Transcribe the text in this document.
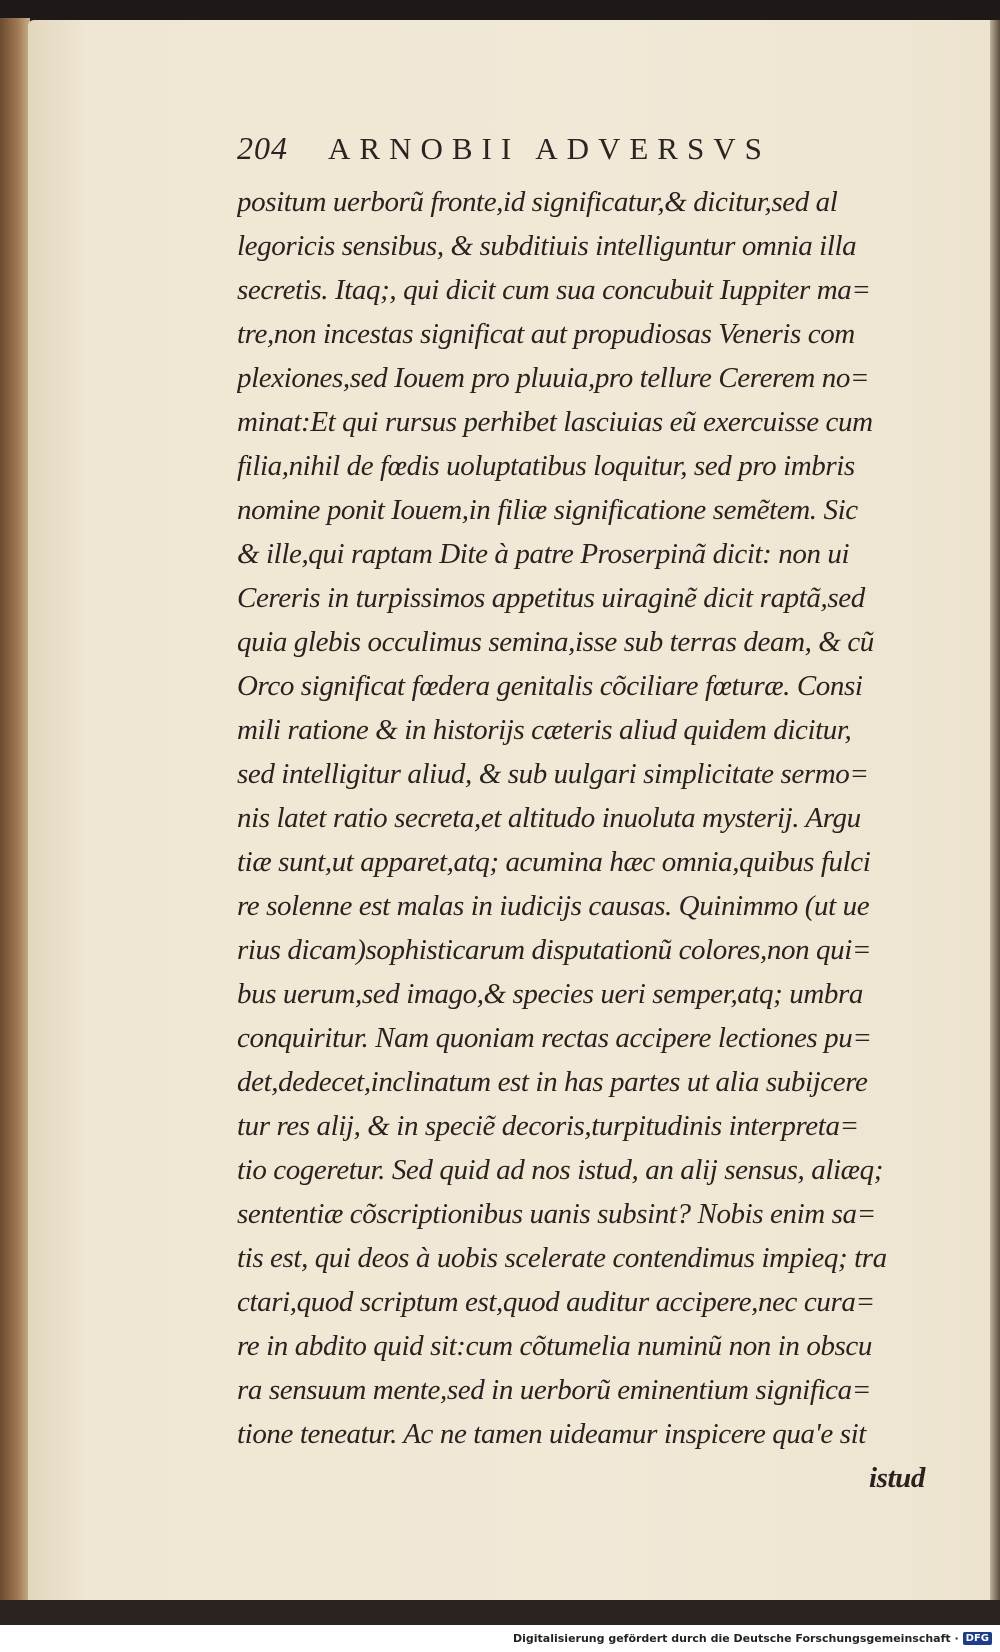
204 ARNOBII ADVERSVS
positum uerborũ fronte,id significatur,& dicitur,sed al
legoricis sensibus, & subditiuis intelliguntur omnia illa
secretis. Itaq;, qui dicit cum sua concubuit Iuppiter ma=
tre,non incestas significat aut propudiosas Veneris com
plexiones,sed Iouem pro pluuia,pro tellure Cererem no=
minat:Et qui rursus perhibet lasciuias eũ exercuisse cum
filia,nihil de fœdis uoluptatibus loquitur, sed pro imbris
nomine ponit Iouem,in filiæ significatione semẽtem. Sic
& ille,qui raptam Dite à patre Proserpinã dicit: non ui
Cereris in turpissimos appetitus uiraginẽ dicit raptã,sed
quia glebis occulimus semina,isse sub terras deam, & cũ
Orco significat fœdera genitalis cõciliare fœturæ. Consi
mili ratione & in historijs cæteris aliud quidem dicitur,
sed intelligitur aliud, & sub uulgari simplicitate sermo=
nis latet ratio secreta,et altitudo inuoluta mysterij. Argu
tiæ sunt,ut apparet,atq; acumina hæc omnia,quibus fulci
re solenne est malas in iudicijs causas. Quinimmo (ut ue
rius dicam)sophisticarum disputationũ colores,non qui=
bus uerum,sed imago,& species ueri semper,atq; umbra
conquiritur. Nam quoniam rectas accipere lectiones pu=
det,dedecet,inclinatum est in has partes ut alia subijcere
tur res alij, & in speciẽ decoris,turpitudinis interpreta=
tio cogeretur. Sed quid ad nos istud, an alij sensus, aliæq;
sententiæ cõscriptionibus uanis subsint? Nobis enim sa=
tis est, qui deos à uobis scelerate contendimus impieq; tra
ctari,quod scriptum est,quod auditur accipere,nec cura=
re in abdito quid sit:cum cõtumelia numinũ non in obscu
ra sensuum mente,sed in uerborũ eminentium significa=
tione teneatur. Ac ne tamen uideamur inspicere qua'e sit
istud
Digitalisierung gefördert durch die Deutsche Forschungsgemeinschaft · DFG
